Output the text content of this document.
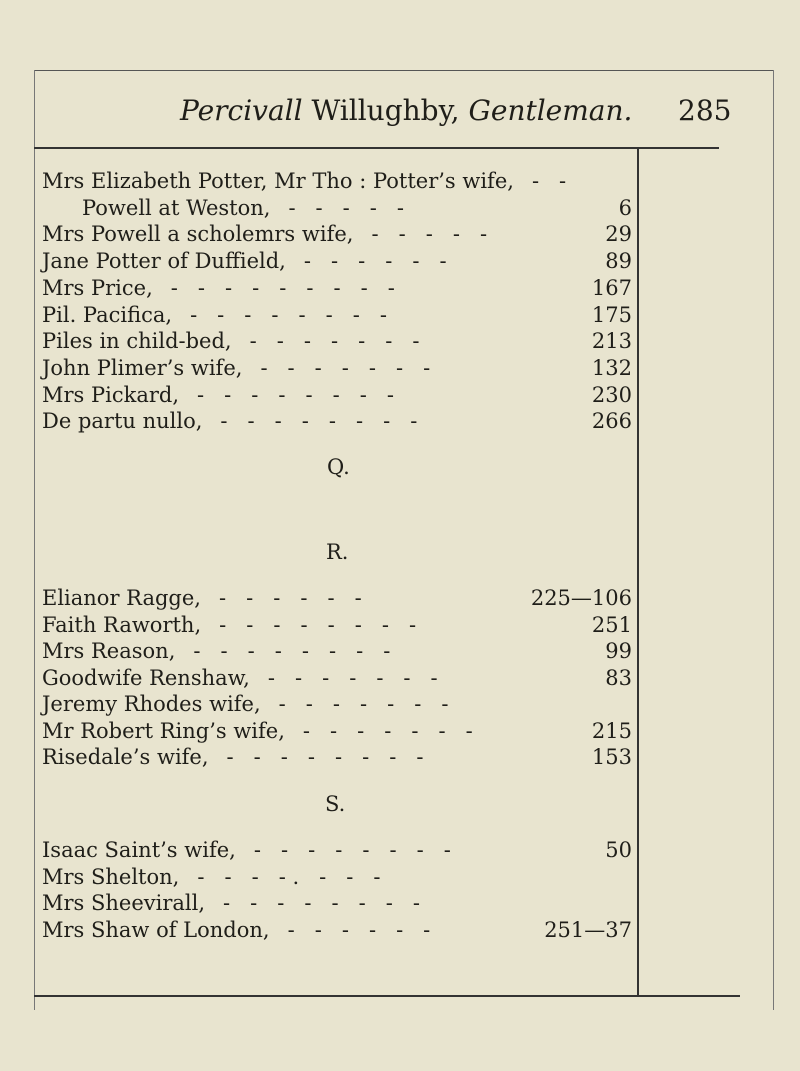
Percivall Willughby, Gentleman. 285
Mrs Elizabeth Potter, Mr Tho : Potter’s wife, -   -
Powell at Weston, -   -   -   -   -	6
Mrs Powell a scholemrs wife, -   -   -   -   -	29
Jane Potter of Duffield, -   -   -   -   -   -	89
Mrs Price, -   -   -   -   -   -   -   -   -	167
Pil. Pacifica, -   -   -   -   -   -   -   -	175
Piles in child-bed, -   -   -   -   -   -   -	213
John Plimer’s wife, -   -   -   -   -   -   -	132
Mrs Pickard, -   -   -   -   -   -   -   -	230
De partu nullo, -   -   -   -   -   -   -   -	266
Q.
R.
Elianor Ragge, -   -   -   -   -   -	225—106
Faith Raworth, -   -   -   -   -   -   -   -	251
Mrs Reason, -   -   -   -   -   -   -   -	99
Goodwife Renshaw, -   -   -   -   -   -   -	83
Jeremy Rhodes wife, -   -   -   -   -   -   -
Mr Robert Ring’s wife, -   -   -   -   -   -   -	215
Risedale’s wife, -   -   -   -   -   -   -   -	153
S.
Isaac Saint’s wife, -   -   -   -   -   -   -   -	50
Mrs Shelton, -   -   -   - .   -   -   -
Mrs Sheevirall, -   -   -   -   -   -   -   -
Mrs Shaw of London, -   -   -   -   -   -	251—37
